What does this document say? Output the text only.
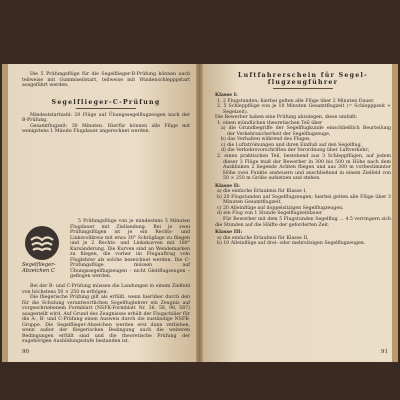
Die 5 Prüfungsflüge für die Segelflieger-B-Prüfung können auch teilweise mit Gummiseilstart, teilweise mit Windenschlepppstart ausgeführt werden.

Segelflieger-C-Prüfung

Mindeststartzahl: 20 Flüge auf Übungssegelflugzeugen nach der B-Prüfung.

Gesamtflugzeit: 30 Minuten. Hierfür können alle Flüge mit wenigstens 1 Minute Flugdauer angerechnet werden.

Segelflieger-Abzeichen C

5 Prüfungsflüge von je mindestens 5 Minuten Flugdauer mit Ziellandung. Bei je zwei Prüfungsflügen ist je ein Rechts- und Linksvollkreis mit etwa 30° Schräglage zu fliegen und je 2 Rechts- und Linkskurven mit 180° Kursänderung. Die Kurven sind an Wendemarken zu fliegen, die vorher im Flugauftrag vom Fluglehrer als solche bezeichnet werden. Die C-Prüfungsflüge müssen auf Übungssegelflugzeugen – nicht Gleitflugzeugen – geflogen werden.

Bei der B- und C-Prüfung müssen die Landungen in einem Zielfeld von höchstens 50 × 250 m erfolgen.

Die fliegerische Prüfung gilt als erfüllt, wenn hierüber durch den für die Schulung verantwortlichen Segelfluglehrer ein Zeugnis auf vorgeschriebenem Formblatt (NSFK-Formblatt Nr. 36, 58, 98, 587) ausgestellt wird. Auf Grund des Zeugnisses erhält der Flugschüler für die A-, B- und C-Prüfung einen Ausweis durch die zuständige NSFK-Gruppe. Die Segelflieger-Abzeichen werden erst dann verliehen, wenn außer der fliegerischen Bedingung auch die weiteren Bedingungen erfüllt sind und die theoretische Prüfung der zugehörigen Ausbildungsstufe bestanden ist.

90

Luftfahrerschein für Segel-

flugzeugführer

Klasse I:

1. 2 Flugstunden; hierbei gelten alle Flüge über 2 Minuten Dauer.

2. 5 Schleppflüge von je 10 Minuten Gesamtflugzeit (= Schlepppzeit + Segelzeit).

Die Bewerber haben eine Prüfung abzulegen, diese umfaßt:

1. einen mündlichen theoretischen Teil über

a) die Grundbegriffe der Segelflugkunde einschließlich Beurteilung der Verkehrssicherheit der Segelflugzeuge,

b) das Verhalten während des Fluges,

c) die Luftströmungen und ihren Einfluß auf den Segelflug,

d) die Verkehrsvorschriften der Verordnung über Luftverkehr;

2. einen praktischen Teil, bestehend aus 3 Schleppflügen, auf jedem dieser 3 Flüge muß der Bewerber in 300 bis 500 m Höhe nach dem Ausklinken 2 liegende Achten fliegen und aus 300 m vorbestimmter Höhe zwei Punkte ansteuern und anschließend in einem Zielfeld von 50 × 250 m Größe aufsetzen und stehen.

Klasse II:

a) die einfache Erlaubnis für Klasse I,

b) 20 Flugstunden auf Segelflugzeugen; hierbei gelten alle Flüge über 3 Minuten Gesamtflugzeit,

c) 20 Alleinflüge auf doppelsitzigen Segelflugzeugen,

d) ein Flug von 1 Stunde Segelflugzeitdauer

Für Bewerber mit dem 5 Flugstunden Segelflug ... 4.5 verringern sich die Stunden auf die Hälfte der geforderten Zeit.

Klasse III:

a) die einfache Erlaubnis für Klasse II,

b) 10 Alleinflüge auf drei- oder mehrsitzigen Segelflugzeugen.

91
